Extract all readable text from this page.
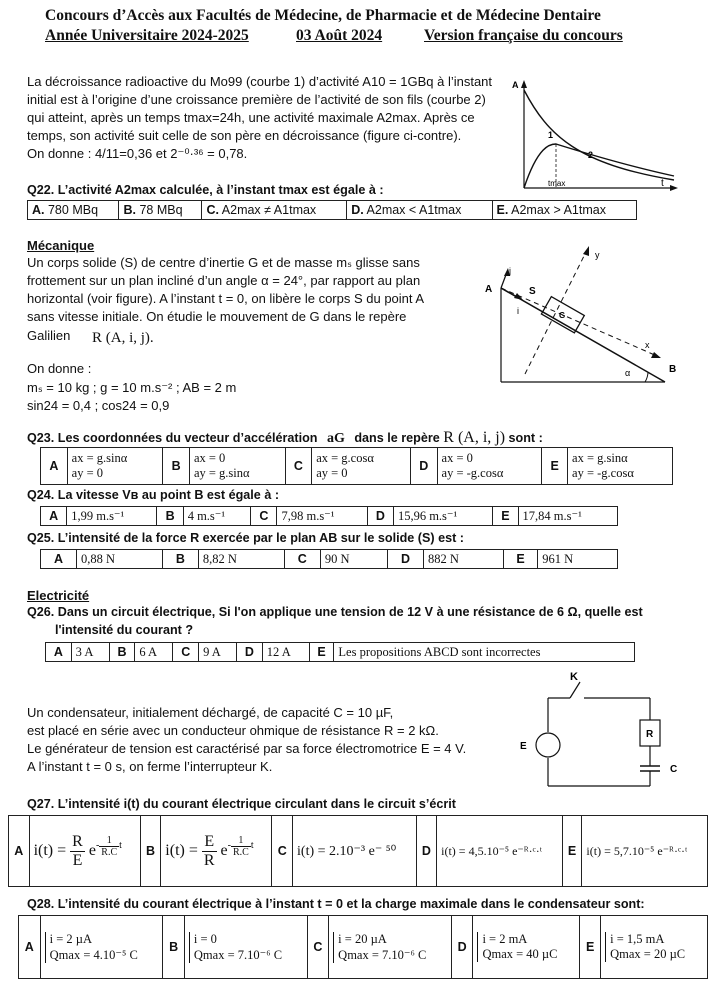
Concours d’Accès aux Facultés de Médecine, de Pharmacie et de Médecine Dentaire
Année Universitaire 2024-2025	03 Août 2024	Version française du concours
La décroissance radioactive du Mo99 (courbe 1) d’activité A10 = 1GBq à l’instant
initial est à l’origine d’une croissance première de l’activité de son fils (courbe 2)
qui atteint, après un temps tmax=24h, une activité maximale A2max. Après ce
temps, son activité suit celle de son père en décroissance (figure ci-contre).
On donne : 4/11=0,36 et 2⁻⁰·³⁶ = 0,78.
A
1
2
tmax	t
Q22. L’activité A2max calculée, à l’instant tmax est égale à :
A. 780 MBq	B. 78 MBq	C. A2max ≠ A1tmax	D. A2max < A1tmax	E. A2max > A1tmax
Mécanique
Un corps solide (S) de centre d’inertie G et de masse mₛ glisse sans
frottement sur un plan incliné d’un angle α = 24°, par rapport au plan
horizontal (voir figure). A l’instant t = 0, on libère le corps S du point A
sans vitesse initiale. On étudie le mouvement de G dans le repère
Galilien R (A, i, j).
On donne :
mₛ = 10 kg ; g = 10 m.s⁻² ; AB = 2 m
sin24 = 0,4 ; cos24 = 0,9
A
B
S
G
i
j
x
y
α
Q23. Les coordonnées du vecteur d’accélération aG dans le repère R (A, i, j) sont :
A	
ax = g.sinα
ay = 0	B	
ax = 0
ay = g.sinα	C	
ax = g.cosα
ay = 0	D	
ax = 0
ay = -g.cosα	E	
ax = g.sinα
ay = -g.cosα
Q24. La vitesse Vʙ au point B est égale à :
A	1,99 m.s⁻¹	B	4 m.s⁻¹	C	7,98 m.s⁻¹	D	15,96 m.s⁻¹	E	17,84 m.s⁻¹
Q25. L’intensité de la force R exercée par le plan AB sur le solide (S) est :
A	0,88 N	B	8,82 N	C	90 N	D	882 N	E	961 N
Electricité
Q26. Dans un circuit électrique, Si l'on applique une tension de 12 V à une résistance de 6 Ω, quelle est
l'intensité du courant ?
A	3 A	B	6 A	C	9 A	D	12 A	E	Les propositions ABCD sont incorrectes
Un condensateur, initialement déchargé, de capacité C = 10 µF,
est placé en série avec un conducteur ohmique de résistance R = 2 kΩ.
Le générateur de tension est caractérisé par sa force électromotrice E = 4 V.
A l’instant t = 0 s, on ferme l’interrupteur K.
K
R
E
C
Q27. L’intensité i(t) du courant électrique circulant dans le circuit s’écrit
A	$i(t) = \frac{R}{E} e^{- \frac{1}{R.C} t}$	B	$i(t) = \frac{E}{R} e^{- \frac{1}{R.C} t}$	C	i(t) = 2.10⁻³ e⁻ ⁵⁰	D	i(t) = 4,5.10⁻⁵ e⁻ᴿ·ᶜ·ᵗ	E	i(t) = 5,7.10⁻⁵ e⁻ᴿ·ᶜ·ᵗ
Q28. L’intensité du courant électrique à l’instant t = 0 et la charge maximale dans le condensateur sont:
A	
i = 2 µA
Qmax = 4.10⁻⁵ C
	B	
i = 0
Qmax = 7.10⁻⁶ C
	C	
i = 20 µA
Qmax = 7.10⁻⁶ C
	D	
i = 2 mA
Qmax = 40 µC	E	
i = 1,5 mA
Qmax = 20 µC
